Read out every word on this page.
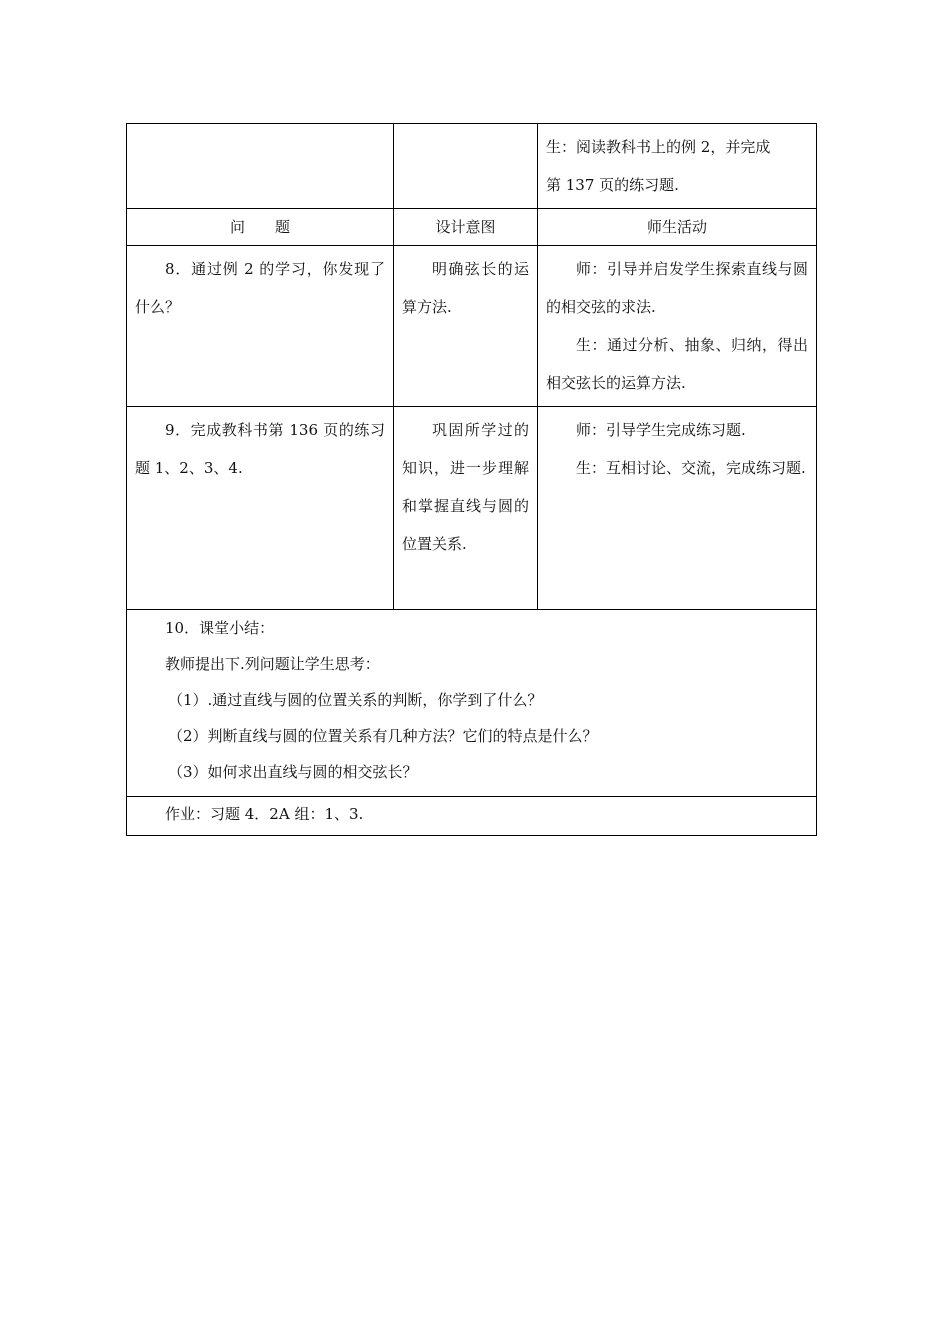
		生：阅读教科书上的例 2，并完成

第 137 页的练习题.

问　　题	设计意图	师生活动

8．通过例 2 的学习，你发现了什么？	明确弦长的运算方法.	师：引导并启发学生探索直线与圆的相交弦的求法.

生：通过分析、抽象、归纳，得出相交弦长的运算方法.

9．完成教科书第 136 页的练习题 1、2、3、4.	巩固所学过的知识，进一步理解和掌握直线与圆的位置关系.	师：引导学生完成练习题.

生：互相讨论、交流，完成练习题.

10．课堂小结：

教师提出下.列问题让学生思考：

（1）.通过直线与圆的位置关系的判断，你学到了什么？

（2）判断直线与圆的位置关系有几种方法？它们的特点是什么？

（3）如何求出直线与圆的相交弦长？		

作业：习题 4．2A 组：1、3.		
